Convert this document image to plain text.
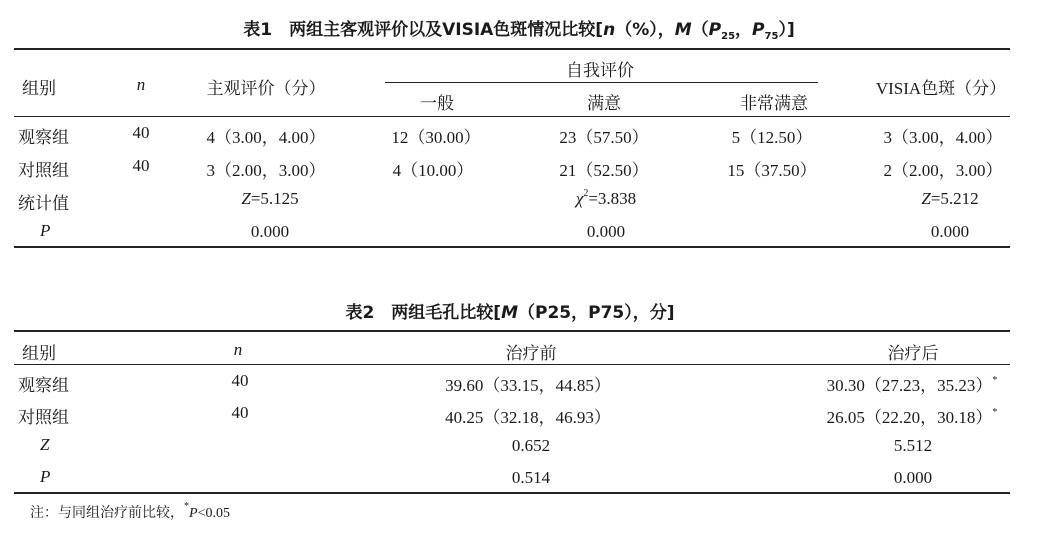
表1　两组主客观评价以及VISIA色斑情况比较[n（%），$M(P_{25}$，$P_{75}$）]
组别	n	主观评价（分）
自我评价
一般	满意	非常满意
VISIA色斑（分）
观察组	40	4（3.00，4.00）	12（30.00）	23（57.50）	5（12.50）	3（3.00，4.00）
对照组	40	3（2.00，3.00）	4（10.00）	21（52.50）	15（37.50）	2（2.00，3.00）
统计值	Z=5.125	$\chi^2=3.838$	Z=5.212
P	0.000	0.000	0.000
表2　两组毛孔比较[M（P25，P75），分]
组别	n	治疗前	治疗后
观察组	40	39.60（33.15，44.85）	30.30（27.23，35.23）*
对照组	40	40.25（32.18，46.93）	26.05（22.20，30.18）*
Z	0.652	5.512
P	0.514	0.000
注：与同组治疗前比较，*P<0.05
